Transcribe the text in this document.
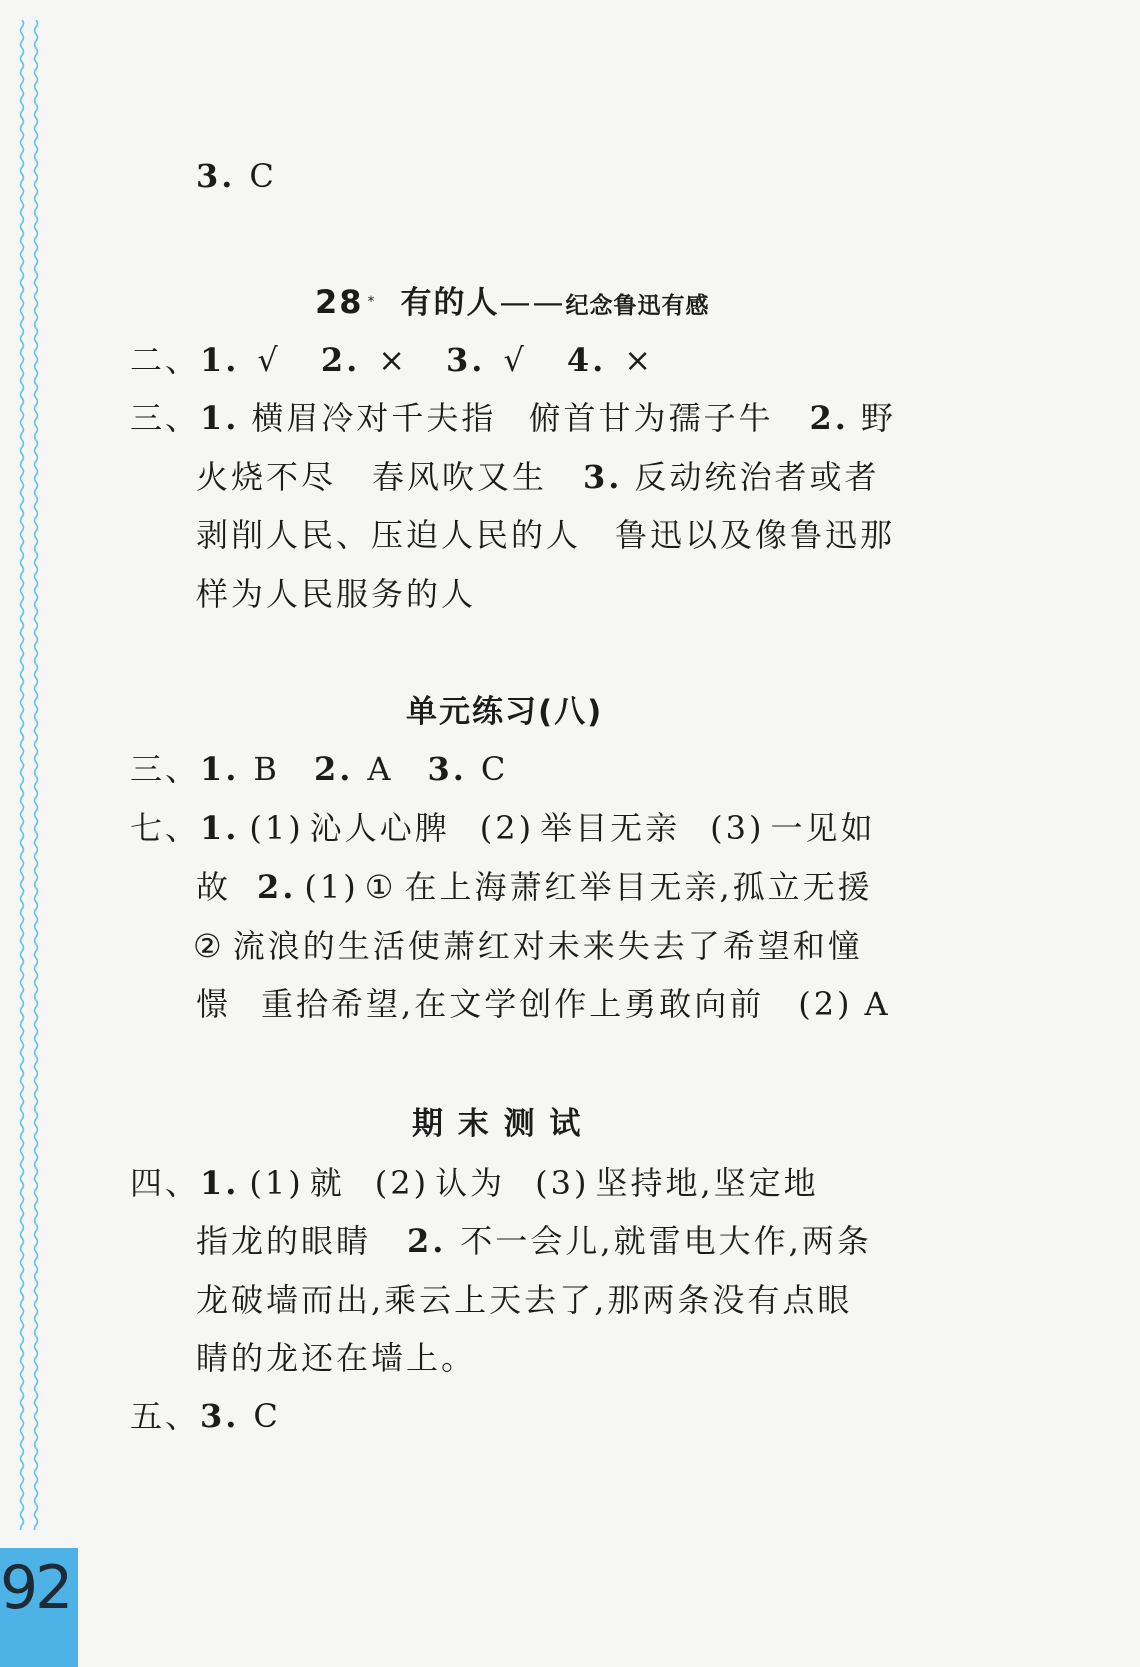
3. C
28 * 有的人——纪念鲁迅有感
二、1. √ 2. × 3. √ 4. ×
三、1. 横眉冷对千夫指 俯首甘为孺子牛 2. 野
火烧不尽 春风吹又生 3. 反动统治者或者
剥削人民、压迫人民的人 鲁迅以及像鲁迅那
样为人民服务的人
单元练习(八)
三、1. B 2. A 3. C
七、1. (1) 沁人心脾 (2) 举目无亲 (3) 一见如
故 2. (1) ① 在上海萧红举目无亲,孤立无援
② 流浪的生活使萧红对未来失去了希望和憧
憬 重拾希望,在文学创作上勇敢向前 (2) A
期 末 测 试
四、1. (1) 就 (2) 认为 (3) 坚持地,坚定地
指龙的眼睛 2. 不一会儿,就雷电大作,两条
龙破墙而出,乘云上天去了,那两条没有点眼
睛的龙还在墙上。
五、3. C
92
